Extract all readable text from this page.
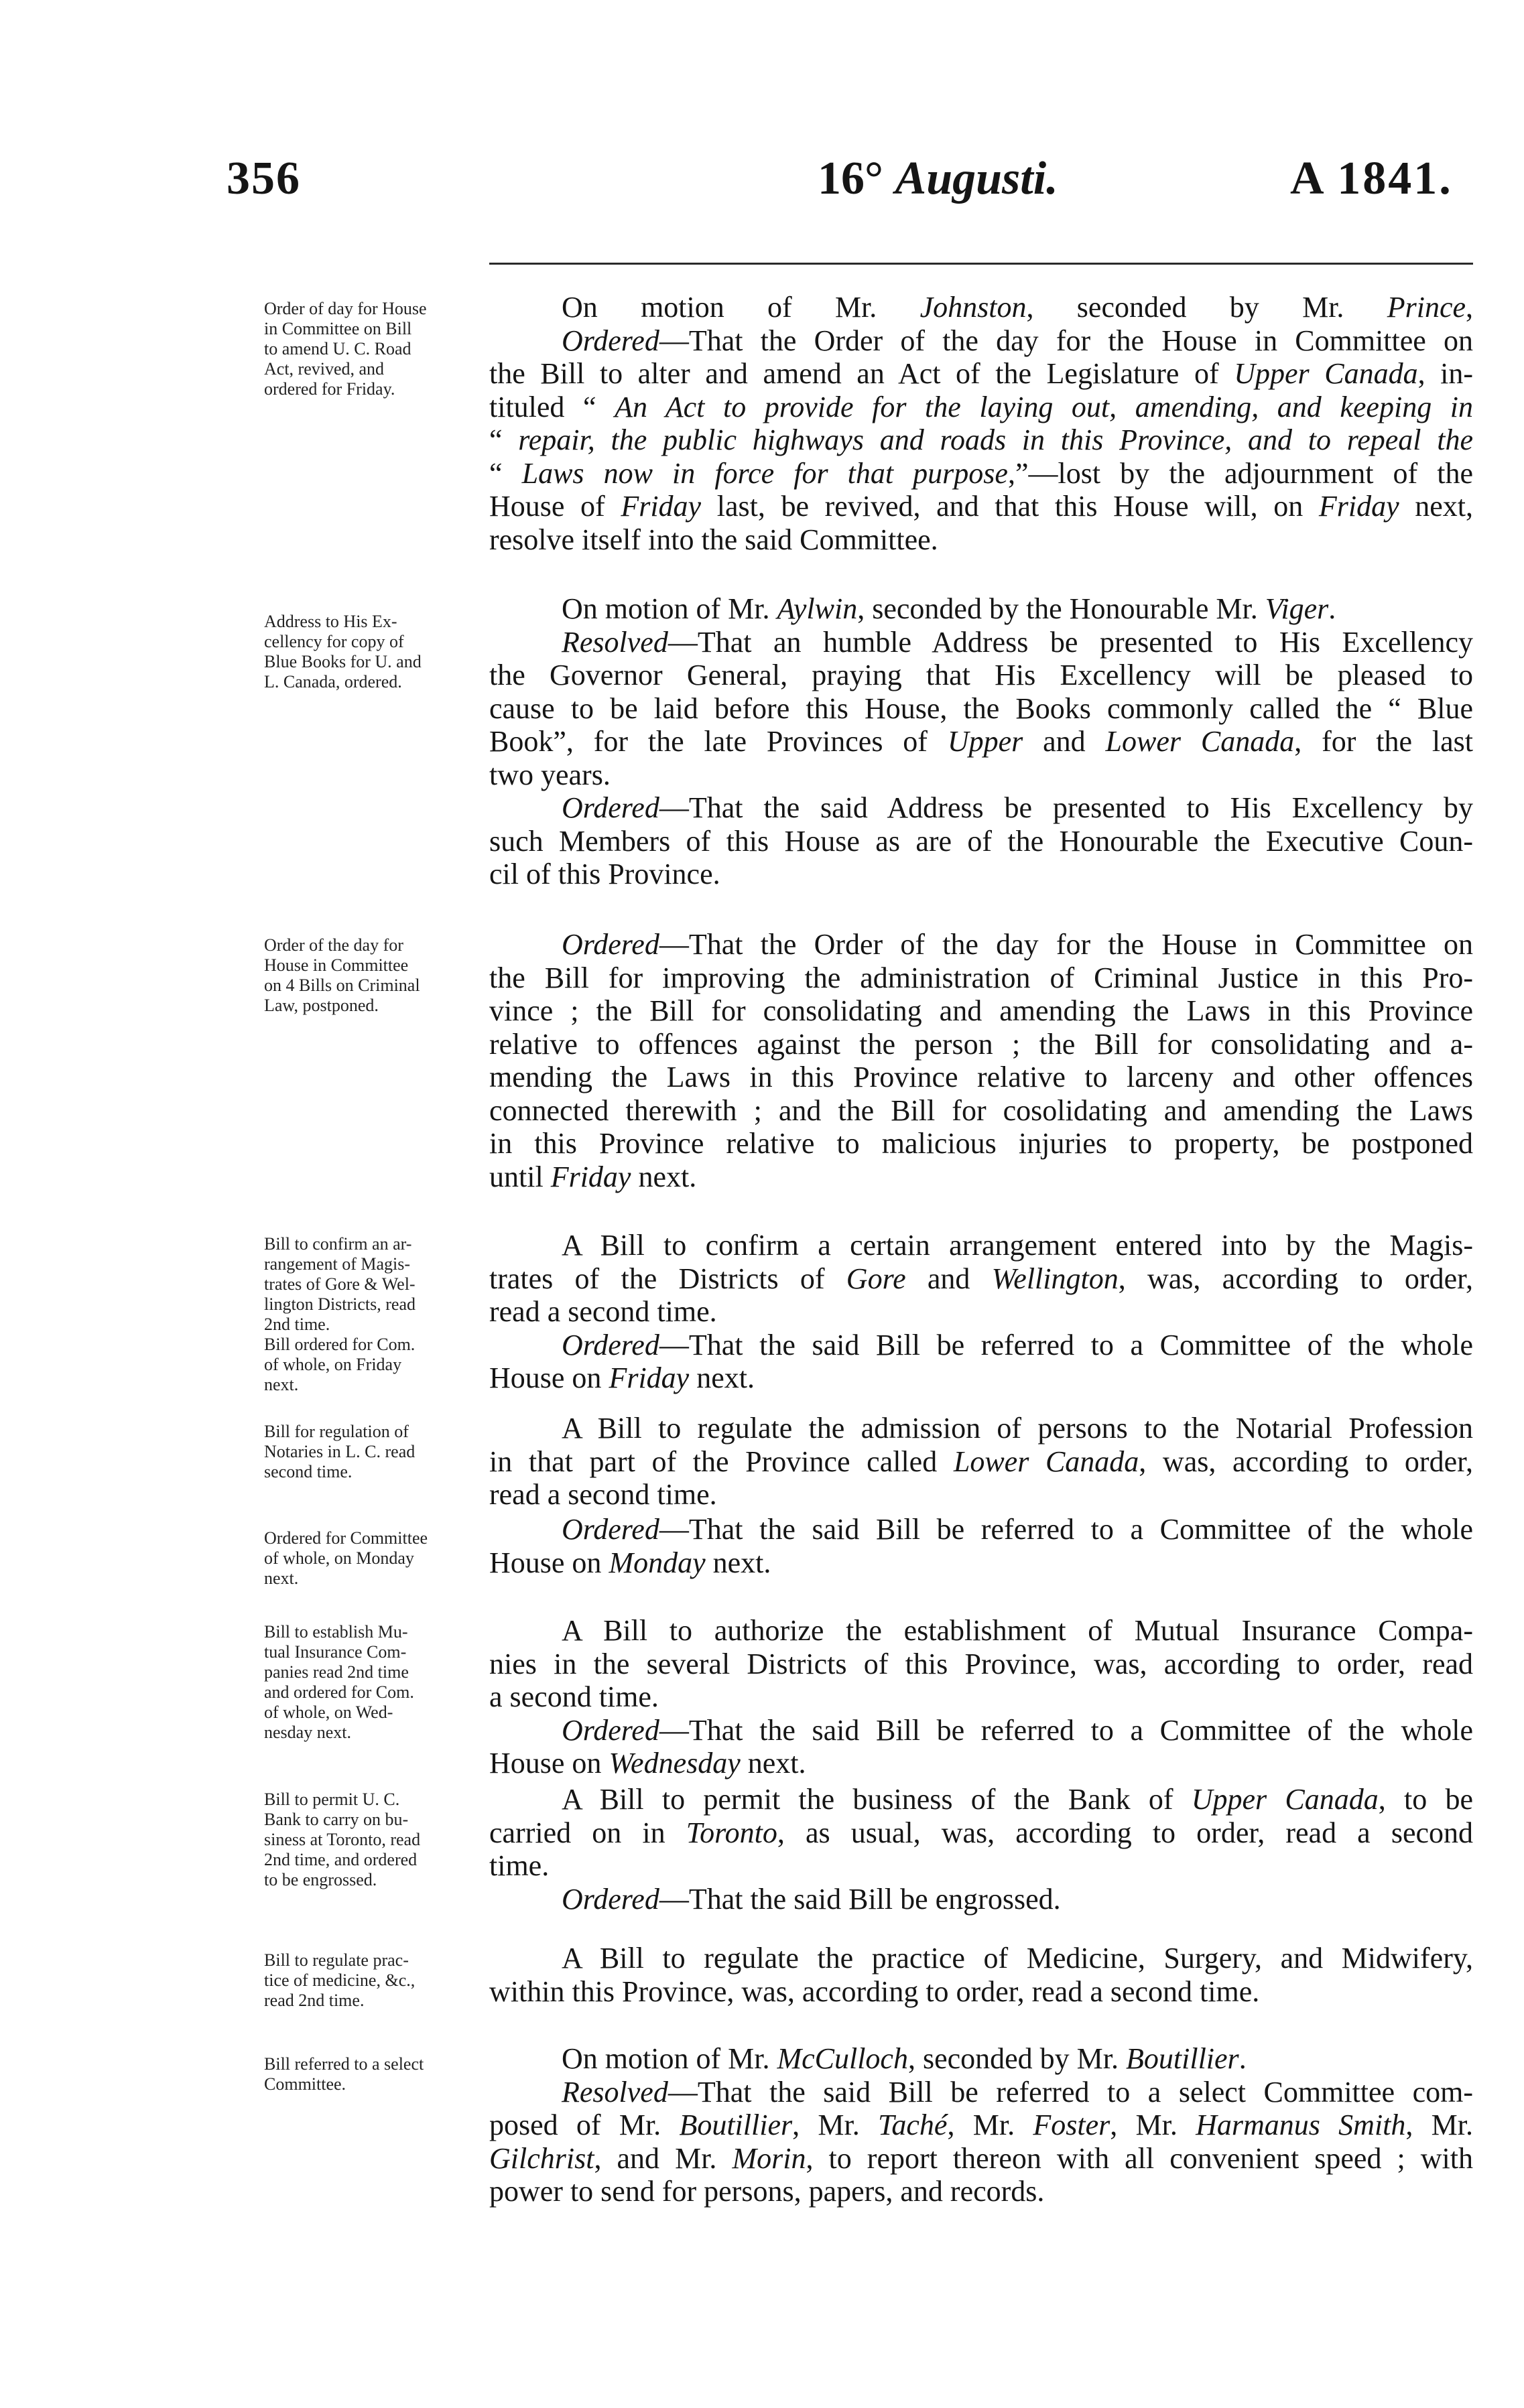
356	16° Augusti.	A 1841.
Order of day for House
in Committee on Bill
to amend U. C. Road
Act, revived, and
ordered for Friday.
On motion of Mr. Johnston, seconded by Mr. Prince,
Ordered—That the Order of the day for the House in Committee on
the Bill to alter and amend an Act of the Legislature of Upper Canada, in-
tituled “ An Act to provide for the laying out, amending, and keeping in
“ repair, the public highways and roads in this Province, and to repeal the
“ Laws now in force for that purpose,”—lost by the adjournment of the
House of Friday last, be revived, and that this House will, on Friday next,
resolve itself into the said Committee.
Address to His Ex-
cellency for copy of
Blue Books for U. and
L. Canada, ordered.
On motion of Mr. Aylwin, seconded by the Honourable Mr. Viger.
Resolved—That an humble Address be presented to His Excellency
the Governor General, praying that His Excellency will be pleased to
cause to be laid before this House, the Books commonly called the “ Blue
Book”, for the late Provinces of Upper and Lower Canada, for the last
two years.
Ordered—That the said Address be presented to His Excellency by
such Members of this House as are of the Honourable the Executive Coun-
cil of this Province.
Order of the day for
House in Committee
on 4 Bills on Criminal
Law, postponed.
Ordered—That the Order of the day for the House in Committee on
the Bill for improving the administration of Criminal Justice in this Pro-
vince ; the Bill for consolidating and amending the Laws in this Province
relative to offences against the person ; the Bill for consolidating and a-
mending the Laws in this Province relative to larceny and other offences
connected therewith ; and the Bill for cosolidating and amending the Laws
in this Province relative to malicious injuries to property, be postponed
until Friday next.
Bill to confirm an ar-
rangement of Magis-
trates of Gore & Wel-
lington Districts, read
2nd time.
Bill ordered for Com.
of whole, on Friday
next.
A Bill to confirm a certain arrangement entered into by the Magis-
trates of the Districts of Gore and Wellington, was, according to order,
read a second time.
Ordered—That the said Bill be referred to a Committee of the whole
House on Friday next.
Bill for regulation of
Notaries in L. C. read
second time.
A Bill to regulate the admission of persons to the Notarial Profession
in that part of the Province called Lower Canada, was, according to order,
read a second time.
Ordered for Committee
of whole, on Monday
next.
Ordered—That the said Bill be referred to a Committee of the whole
House on Monday next.
Bill to establish Mu-
tual Insurance Com-
panies read 2nd time
and ordered for Com.
of whole, on Wed-
nesday next.
A Bill to authorize the establishment of Mutual Insurance Compa-
nies in the several Districts of this Province, was, according to order, read
a second time.
Ordered—That the said Bill be referred to a Committee of the whole
House on Wednesday next.
Bill to permit U. C.
Bank to carry on bu-
siness at Toronto, read
2nd time, and ordered
to be engrossed.
A Bill to permit the business of the Bank of Upper Canada, to be
carried on in Toronto, as usual, was, according to order, read a second
time.
Ordered—That the said Bill be engrossed.
Bill to regulate prac-
tice of medicine, &c.,
read 2nd time.
A Bill to regulate the practice of Medicine, Surgery, and Midwifery,
within this Province, was, according to order, read a second time.
Bill referred to a select
Committee.
On motion of Mr. McCulloch, seconded by Mr. Boutillier.
Resolved—That the said Bill be referred to a select Committee com-
posed of Mr. Boutillier, Mr. Taché, Mr. Foster, Mr. Harmanus Smith, Mr.
Gilchrist, and Mr. Morin, to report thereon with all convenient speed ; with
power to send for persons, papers, and records.
